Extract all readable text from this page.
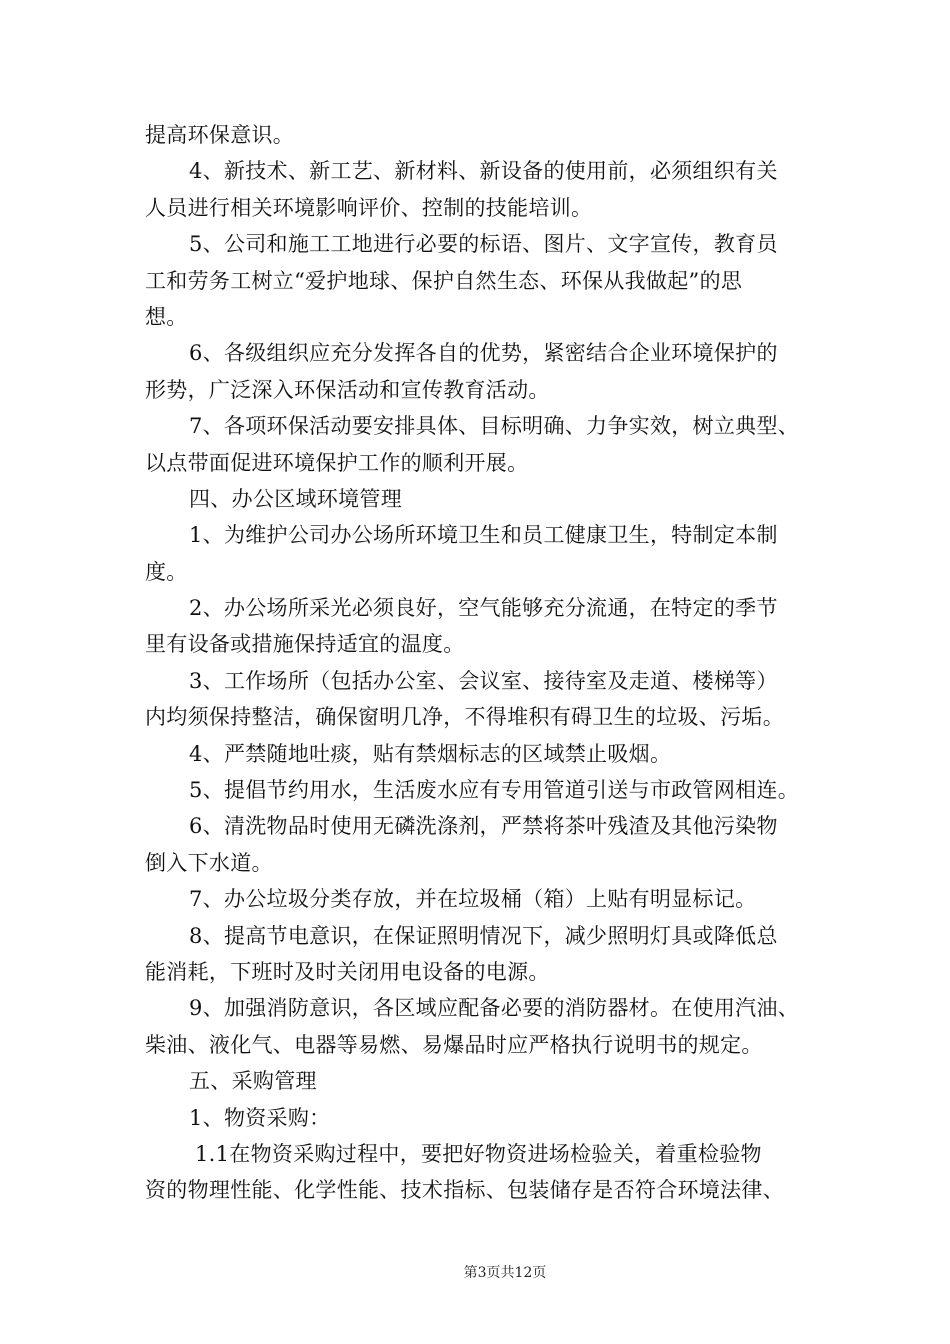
提高环保意识。
4、新技术、新工艺、新材料、新设备的使用前，必须组织有关
人员进行相关环境影响评价、控制的技能培训。
5、公司和施工工地进行必要的标语、图片、文字宣传，教育员
工和劳务工树立“爱护地球、保护自然生态、环保从我做起”的思
想。
6、各级组织应充分发挥各自的优势，紧密结合企业环境保护的
形势，广泛深入环保活动和宣传教育活动。
7、各项环保活动要安排具体、目标明确、力争实效，树立典型、
以点带面促进环境保护工作的顺利开展。
四、办公区域环境管理
1、为维护公司办公场所环境卫生和员工健康卫生，特制定本制
度。
2、办公场所采光必须良好，空气能够充分流通，在特定的季节
里有设备或措施保持适宜的温度。
3、工作场所（包括办公室、会议室、接待室及走道、楼梯等）
内均须保持整洁，确保窗明几净，不得堆积有碍卫生的垃圾、污垢。
4、严禁随地吐痰，贴有禁烟标志的区域禁止吸烟。
5、提倡节约用水，生活废水应有专用管道引送与市政管网相连。
6、清洗物品时使用无磷洗涤剂，严禁将茶叶残渣及其他污染物
倒入下水道。
7、办公垃圾分类存放，并在垃圾桶（箱）上贴有明显标记。
8、提高节电意识，在保证照明情况下，减少照明灯具或降低总
能消耗，下班时及时关闭用电设备的电源。
9、加强消防意识，各区域应配备必要的消防器材。在使用汽油、
柴油、液化气、电器等易燃、易爆品时应严格执行说明书的规定。
五、采购管理
1、物资采购：
1.1在物资采购过程中，要把好物资进场检验关，着重检验物
资的物理性能、化学性能、技术指标、包装储存是否符合环境法律、
第3页共12页
